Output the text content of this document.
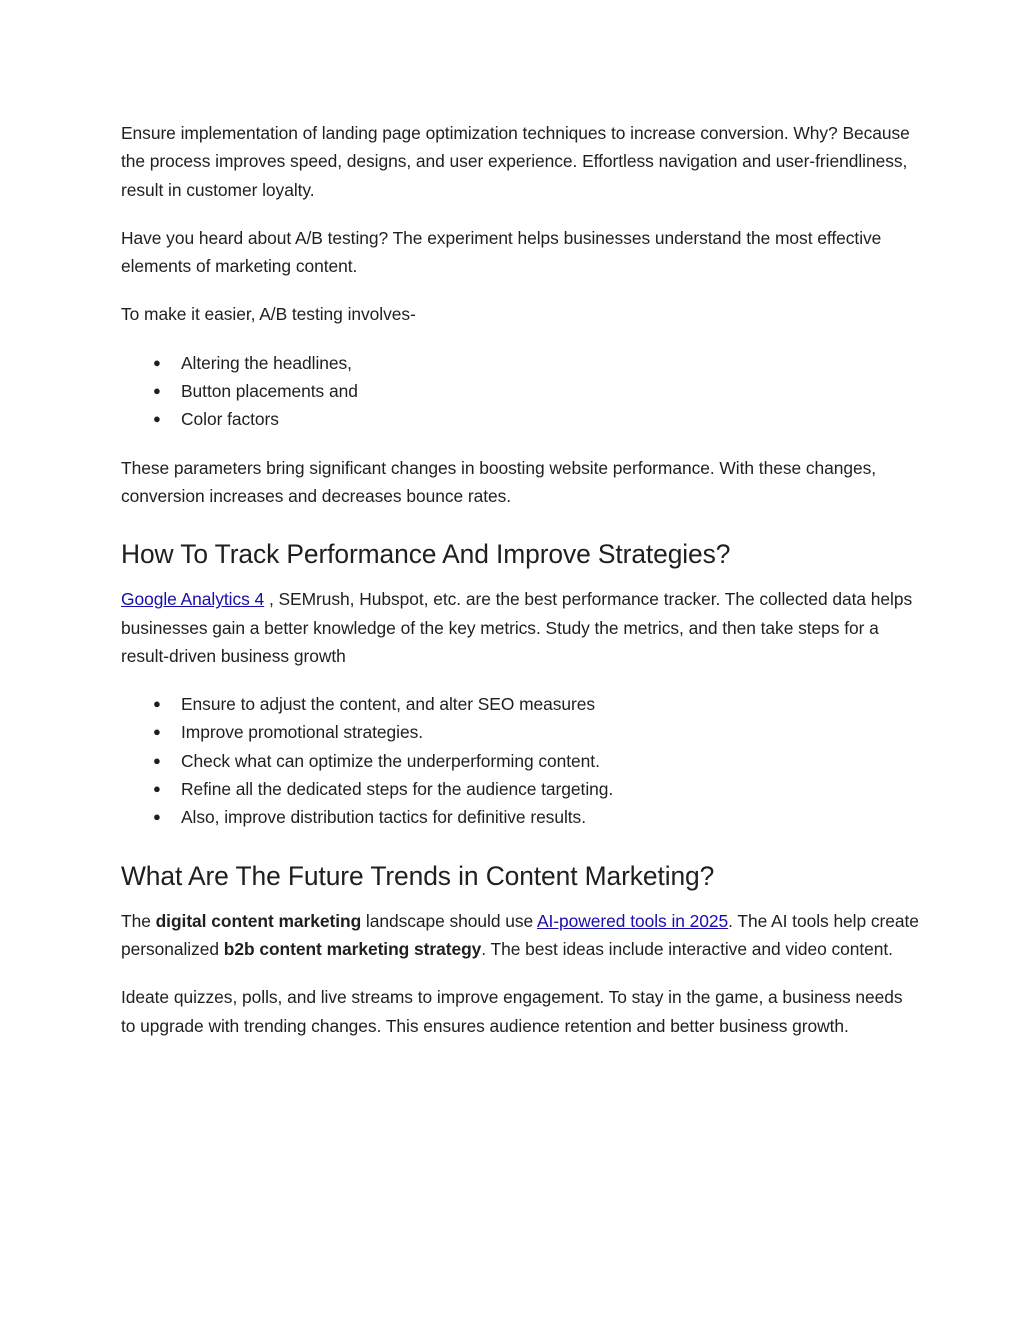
Ensure implementation of landing page optimization techniques to increase conversion. Why? Because the process improves speed, designs, and user experience. Effortless navigation and user-friendliness, result in customer loyalty.

Have you heard about A/B testing? The experiment helps businesses understand the most effective elements of marketing content.

To make it easier, A/B testing involves-

● Altering the headlines,
● Button placements and
● Color factors

These parameters bring significant changes in boosting website performance. With these changes, conversion increases and decreases bounce rates.

How To Track Performance And Improve Strategies?

Google Analytics 4 , SEMrush, Hubspot, etc. are the best performance tracker. The collected data helps businesses gain a better knowledge of the key metrics. Study the metrics, and then take steps for a result-driven business growth

● Ensure to adjust the content, and alter SEO measures
● Improve promotional strategies.
● Check what can optimize the underperforming content.
● Refine all the dedicated steps for the audience targeting.
● Also, improve distribution tactics for definitive results.
What Are The Future Trends in Content Marketing?

The digital content marketing landscape should use AI-powered tools in 2025. The AI tools help create personalized b2b content marketing strategy. The best ideas include interactive and video content.

Ideate quizzes, polls, and live streams to improve engagement. To stay in the game, a business needs to upgrade with trending changes. This ensures audience retention and better business growth.
